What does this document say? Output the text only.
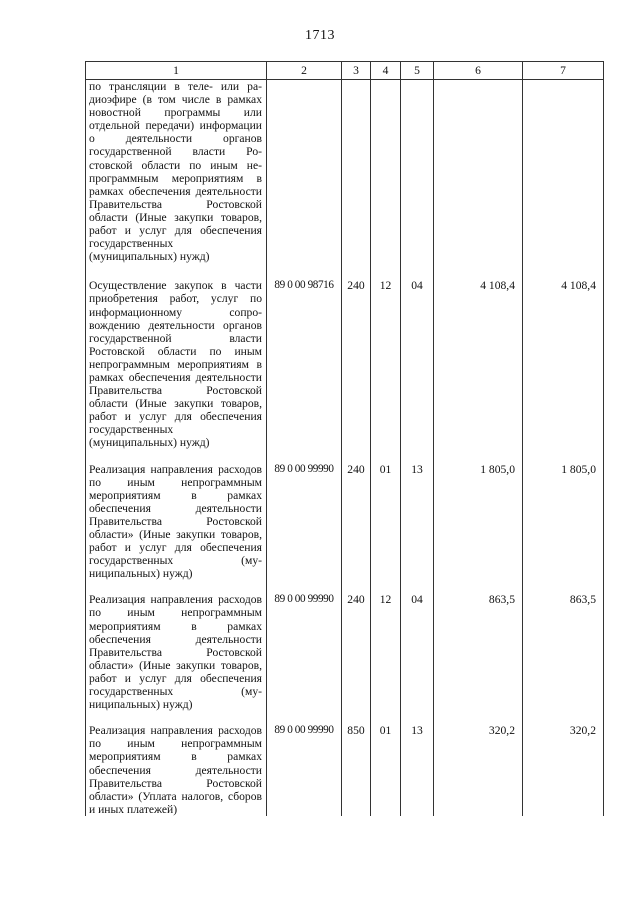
1713
1	2	3	4	5	6	7
по трансляции в теле- или радиоэфире (в том числе в рамках новостной программы или отдельной передачи) информации о деятельности органов государственной власти Ростовской области по иным непрограммным мероприятиям в рамках обеспечения деятельности Правительства Ростовской области (Иные закупки товаров, работ и услуг для обеспечения государственных (муниципальных) нужд)						
Осуществление закупок в части приобретения работ, услуг по информационному сопровождению деятельности органов государственной власти Ростовской области по иным непрограммным мероприятиям в рамках обеспечения деятельности Правительства Ростовской области (Иные закупки товаров, работ и услуг для обеспечения государственных (муниципальных) нужд)	89 0 00 98716	240	12	04	4 108,4	4 108,4
Реализация направления расходов по иным непрограммным мероприятиям в рамках обеспечения деятельности Правительства Ростовской области» (Иные закупки товаров, работ и услуг для обеспечения государственных (муниципальных) нужд)	89 0 00 99990	240	01	13	1 805,0	1 805,0
Реализация направления расходов по иным непрограммным мероприятиям в рамках обеспечения деятельности Правительства Ростовской области» (Иные закупки товаров, работ и услуг для обеспечения государственных (муниципальных) нужд)	89 0 00 99990	240	12	04	863,5	863,5
Реализация направления расходов по иным непрограммным мероприятиям в рамках обеспечения деятельности Правительства Ростовской области» (Уплата налогов, сборов и иных платежей)	89 0 00 99990	850	01	13	320,2	320,2
